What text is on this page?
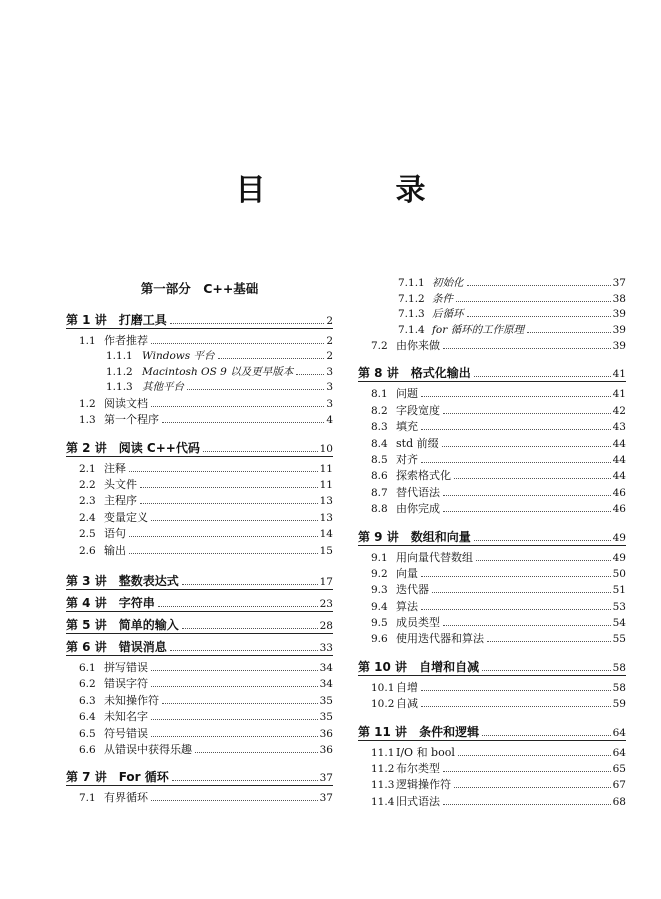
目　录
第一部分　C++基础
第 1 讲 打磨工具	2
1.1 作者推荐	2
1.1.1 Windows 平台	2
1.1.2 Macintosh OS 9 以及更早版本	3
1.1.3 其他平台	3
1.2 阅读文档	3
1.3 第一个程序	4
第 2 讲 阅读 C++代码	10
2.1 注释	11
2.2 头文件	11
2.3 主程序	13
2.4 变量定义	13
2.5 语句	14
2.6 输出	15
第 3 讲 整数表达式	17
第 4 讲 字符串	23
第 5 讲 简单的输入	28
第 6 讲 错误消息	33
6.1 拼写错误	34
6.2 错误字符	34
6.3 未知操作符	35
6.4 未知名字	35
6.5 符号错误	36
6.6 从错误中获得乐趣	36
第 7 讲 For 循环	37
7.1 有界循环	37
7.1.1 初始化	37
7.1.2 条件	38
7.1.3 后循环	39
7.1.4 for 循环的工作原理	39
7.2 由你来做	39
第 8 讲 格式化输出	41
8.1 问题	41
8.2 字段宽度	42
8.3 填充	43
8.4 std 前缀	44
8.5 对齐	44
8.6 探索格式化	44
8.7 替代语法	46
8.8 由你完成	46
第 9 讲 数组和向量	49
9.1 用向量代替数组	49
9.2 向量	50
9.3 迭代器	51
9.4 算法	53
9.5 成员类型	54
9.6 使用迭代器和算法	55
第 10 讲 自增和自减	58
10.1 自增	58
10.2 自减	59
第 11 讲 条件和逻辑	64
11.1 I/O 和 bool	64
11.2 布尔类型	65
11.3 逻辑操作符	67
11.4 旧式语法	68
